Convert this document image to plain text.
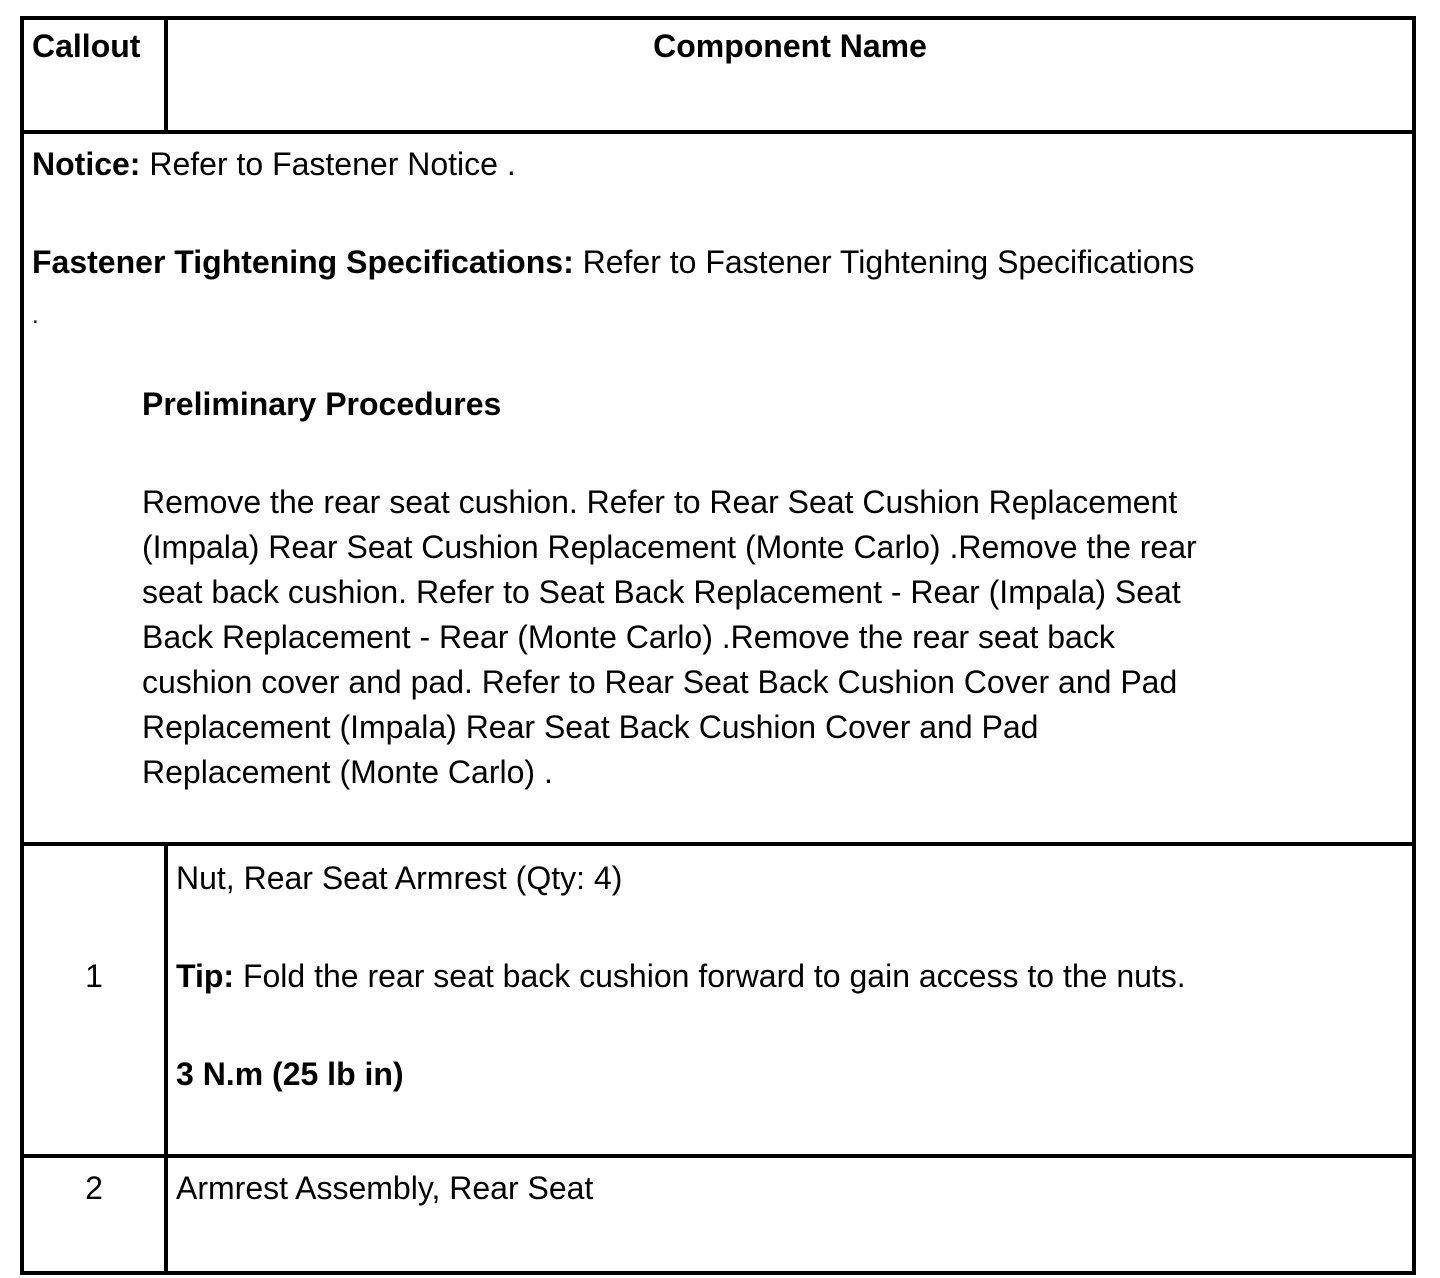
Callout	Component Name
Notice: Refer to Fastener Notice .
Fastener Tightening Specifications: Refer to Fastener Tightening Specifications
.
Preliminary Procedures
Remove the rear seat cushion. Refer to Rear Seat Cushion Replacement
(Impala) Rear Seat Cushion Replacement (Monte Carlo) .Remove the rear
seat back cushion. Refer to Seat Back Replacement - Rear (Impala) Seat
Back Replacement - Rear (Monte Carlo) .Remove the rear seat back
cushion cover and pad. Refer to Rear Seat Back Cushion Cover and Pad
Replacement (Impala) Rear Seat Back Cushion Cover and Pad
Replacement (Monte Carlo) .
1
Nut, Rear Seat Armrest (Qty: 4)
Tip: Fold the rear seat back cushion forward to gain access to the nuts.
3 N.m (25 lb in)
2	Armrest Assembly, Rear Seat
